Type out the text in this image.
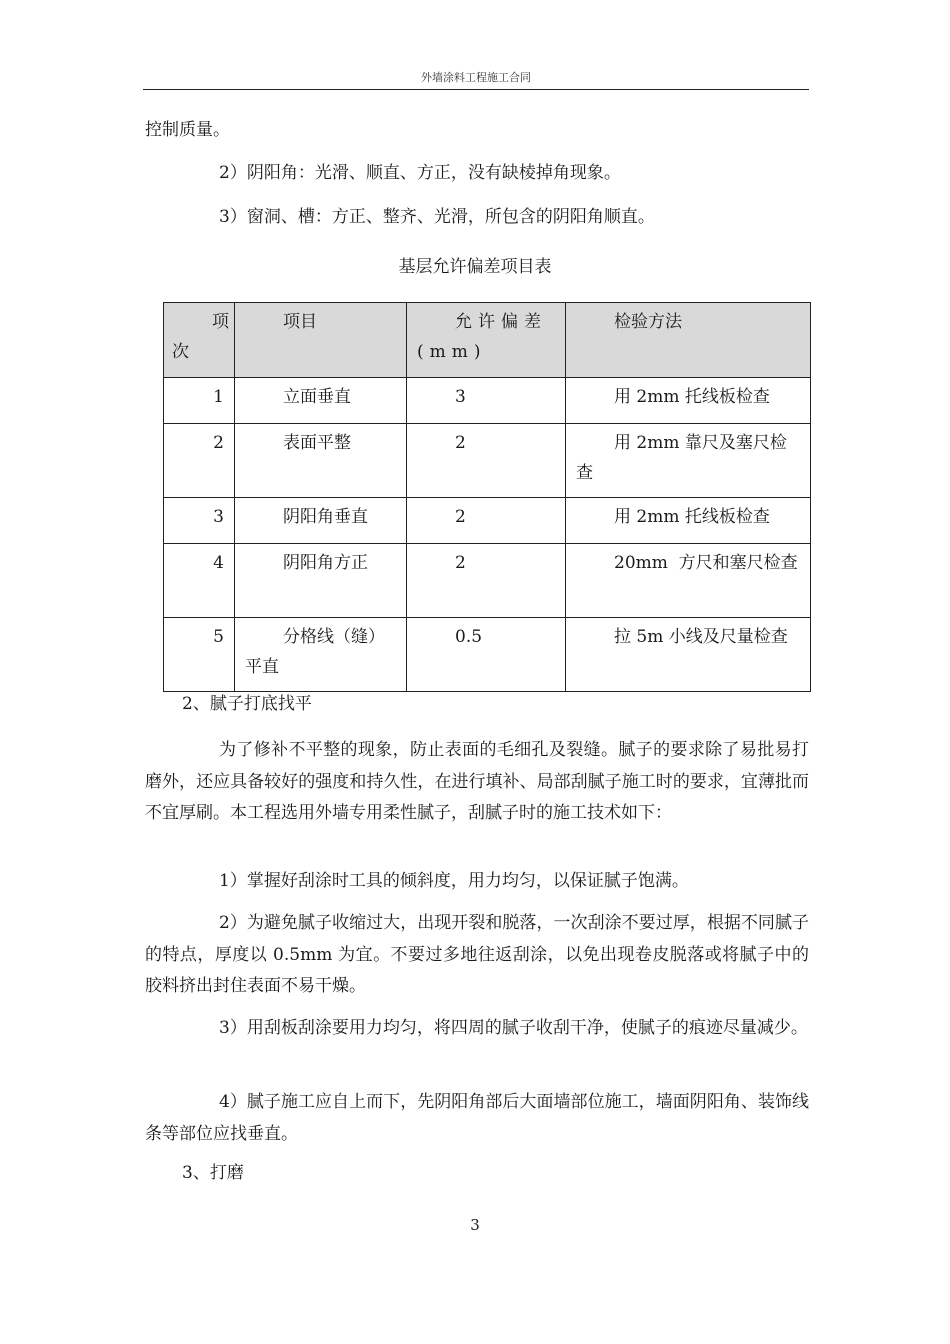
外墙涂料工程施工合同
控制质量。
2）阴阳角：光滑、顺直、方正，没有缺棱掉角现象。
3）窗洞、槽：方正、整齐、光滑，所包含的阴阳角顺直。
基层允许偏差项目表
项次	项目	允许偏差(mm)	检验方法
1	立面垂直	3	用 2mm 托线板检查
2	表面平整	2	用 2mm 靠尺及塞尺检查
3	阴阳角垂直	2	用 2mm 托线板检查
4	阴阳角方正	2	20mm  方尺和塞尺检查
5	分格线（缝）平直	0.5	拉 5m 小线及尺量检查
2、腻子打底找平
为了修补不平整的现象，防止表面的毛细孔及裂缝。腻子的要求除了易批易打磨外，还应具备较好的强度和持久性，在进行填补、局部刮腻子施工时的要求，宜薄批而不宜厚刷。本工程选用外墙专用柔性腻子，刮腻子时的施工技术如下：
1）掌握好刮涂时工具的倾斜度，用力均匀，以保证腻子饱满。
2）为避免腻子收缩过大，出现开裂和脱落，一次刮涂不要过厚，根据不同腻子的特点，厚度以 0.5mm 为宜。不要过多地往返刮涂，以免出现卷皮脱落或将腻子中的胶料挤出封住表面不易干燥。
3）用刮板刮涂要用力均匀，将四周的腻子收刮干净，使腻子的痕迹尽量减少。
4）腻子施工应自上而下，先阴阳角部后大面墙部位施工，墙面阴阳角、装饰线条等部位应找垂直。
3、打磨
3
